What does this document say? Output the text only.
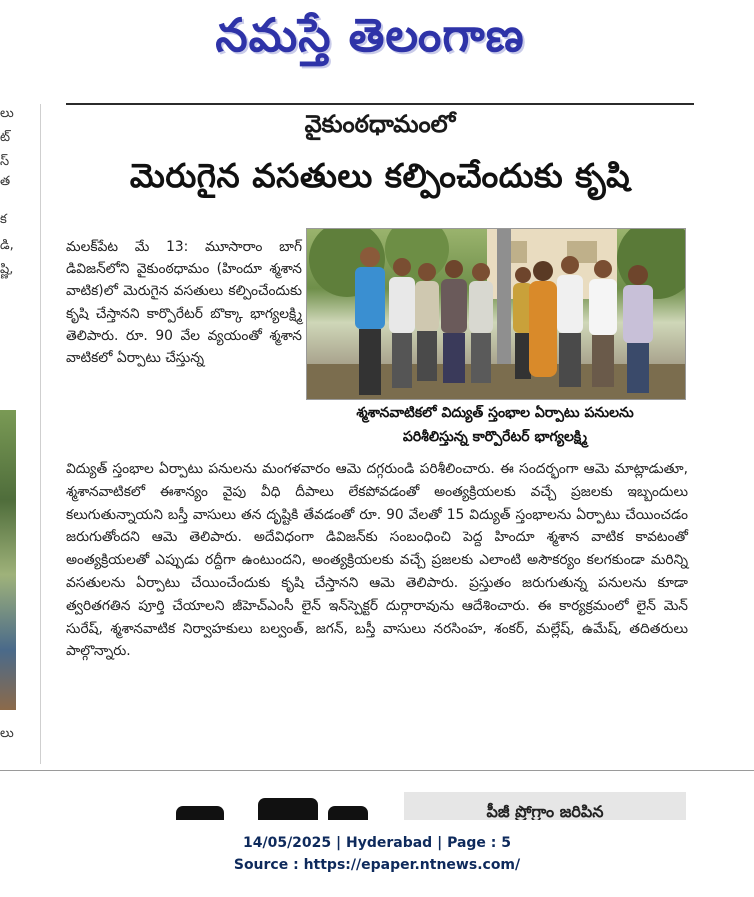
నమస్తే తెలంగాణ
లు
ట్
స్
త
క
డి,
ష్ణి,
లు
వైకుంఠధామంలో
మెరుగైన వసతులు కల్పించేందుకు కృషి
మలక్‌పేట మే 13: మూసారాం బాగ్ డివిజన్‌లోని వైకుంఠధామం (హిందూ శ్మశాన వాటిక)లో మెరుగైన వసతులు కల్పించేందుకు కృషి చేస్తానని కార్పొరేటర్ బొక్కా భాగ్యలక్ష్మి తెలిపారు. రూ. 90 వేల వ్యయంతో శ్మశాన వాటికలో ఏర్పాటు చేస్తున్న
శ్మశానవాటికలో విద్యుత్ స్తంభాల ఏర్పాటు పనులను
పరిశీలిస్తున్న కార్పొరేటర్ భాగ్యలక్ష్మి
విద్యుత్ స్తంభాల ఏర్పాటు పనులను మంగళవారం ఆమె దగ్గరుండి పరిశీలించారు. ఈ సందర్భంగా ఆమె మాట్లాడుతూ, శ్మశానవాటికలో ఈశాన్యం వైపు వీధి దీపాలు లేకపోవడంతో అంత్యక్రియలకు వచ్చే ప్రజలకు ఇబ్బందులు కలుగుతున్నాయని బస్తీ వాసులు తన దృష్టికి తేవడంతో రూ. 90 వేలతో 15 విద్యుత్ స్తంభాలను ఏర్పాటు చేయించడం జరుగుతోందని ఆమె తెలిపారు. అదేవిధంగా డివిజన్‌కు సంబంధించి పెద్ద హిందూ శ్మశాన వాటిక కావటంతో అంత్యక్రియలతో ఎప్పుడు రద్దీగా ఉంటుందని, అంత్యక్రియలకు వచ్చే ప్రజలకు ఎలాంటి అసౌకర్యం కలగకుండా మరిన్ని వసతులను ఏర్పాటు చేయించేందుకు కృషి చేస్తానని ఆమె తెలిపారు. ప్రస్తుతం జరుగుతున్న పనులను కూడా త్వరితగతిన పూర్తి చేయాలని జీహెచ్‌ఎంసీ లైన్ ఇన్‌స్పెక్టర్ దుర్గారావును ఆదేశించారు. ఈ కార్యక్రమంలో లైన్ మెన్ సురేష్, శ్మశానవాటిక నిర్వాహకులు బల్వంత్, జగన్, బస్తీ వాసులు నరసింహ, శంకర్, మల్లేష్, ఉమేష్, తదితరులు పాల్గొన్నారు.
పీజీ ప్రోగ్రాం జరిపిన
14/05/2025 | Hyderabad | Page : 5
Source : https://epaper.ntnews.com/
